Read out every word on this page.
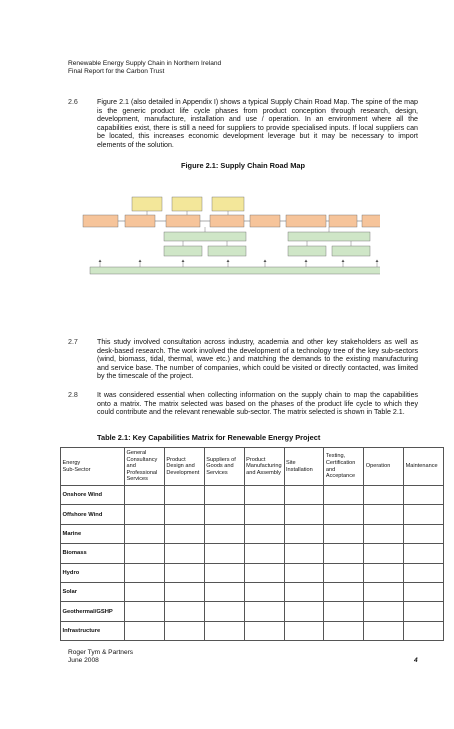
Renewable Energy Supply Chain in Northern Ireland
Final Report for the Carbon Trust
2.6	Figure 2.1 (also detailed in Appendix I) shows a typical Supply Chain Road Map. The spine of the map is the generic product life cycle phases from product conception through research, design, development, manufacture, installation and use / operation. In an environment where all the capabilities exist, there is still a need for suppliers to provide specialised inputs. If local suppliers can be located, this increases economic development leverage but it may be necessary to import elements of the solution.
Figure 2.1: Supply Chain Road Map
2.7	This study involved consultation across industry, academia and other key stakeholders as well as desk-based research. The work involved the development of a technology tree of the key sub-sectors (wind, biomass, tidal, thermal, wave etc.) and matching the demands to the existing manufacturing and service base. The number of companies, which could be visited or directly contacted, was limited by the timescale of the project.
2.8	It was considered essential when collecting information on the supply chain to map the capabilities onto a matrix. The matrix selected was based on the phases of the product life cycle to which they could contribute and the relevant renewable sub-sector. The matrix selected is shown in Table 2.1.
Table 2.1: Key Capabilities Matrix for Renewable Energy Project
Energy
Sub-Sector	General Consultancy and Professional Services	Product Design and Development	Suppliers of Goods and Services	Product Manufacturing and Assembly	Site Installation	Testing, Certification and Acceptance	Operation	Maintenance
Onshore Wind								
Offshore Wind								
Marine								
Biomass								
Hydro								
Solar								
Geothermal/GSHP								
Infrastructure								
Roger Tym & Partners
June 2008	4
